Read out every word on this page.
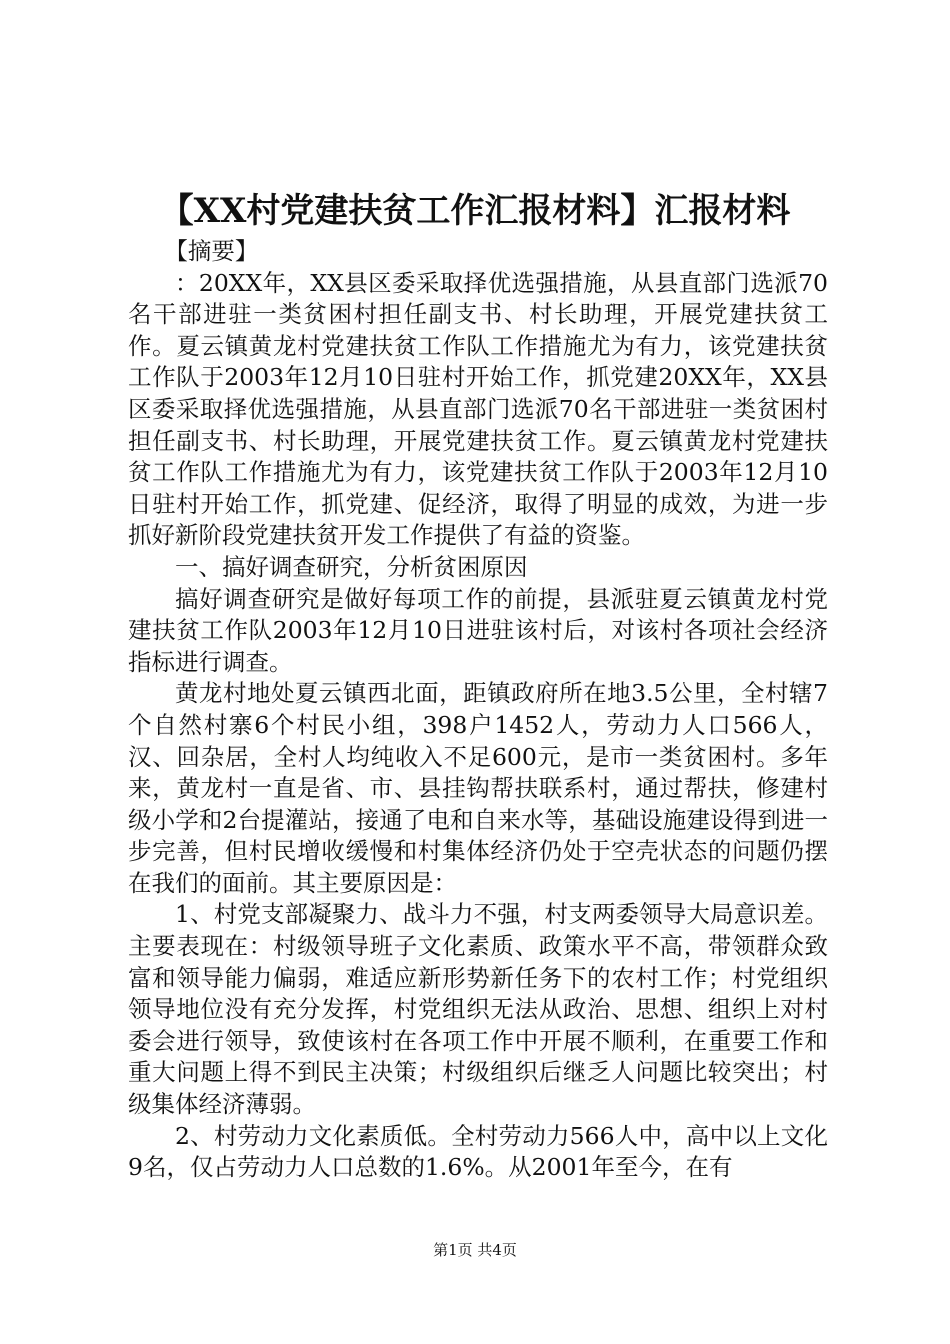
【XX村党建扶贫工作汇报材料】汇报材料

【摘要】

：20XX年，XX县区委采取择优选强措施，从县直部门选派70名干部进驻一类贫困村担任副支书、村长助理，开展党建扶贫工作。夏云镇黄龙村党建扶贫工作队工作措施尤为有力，该党建扶贫工作队于2003年12月10日驻村开始工作，抓党建20XX年，XX县区委采取择优选强措施，从县直部门选派70名干部进驻一类贫困村担任副支书、村长助理，开展党建扶贫工作。夏云镇黄龙村党建扶贫工作队工作措施尤为有力，该党建扶贫工作队于2003年12月10日驻村开始工作，抓党建、促经济，取得了明显的成效，为进一步抓好新阶段党建扶贫开发工作提供了有益的资鉴。

一、搞好调查研究，分析贫困原因

搞好调查研究是做好每项工作的前提，县派驻夏云镇黄龙村党建扶贫工作队2003年12月10日进驻该村后，对该村各项社会经济指标进行调查。

黄龙村地处夏云镇西北面，距镇政府所在地3.5公里，全村辖7个自然村寨6个村民小组，398户1452人，劳动力人口566人，汉、回杂居，全村人均纯收入不足600元，是市一类贫困村。多年来，黄龙村一直是省、市、县挂钩帮扶联系村，通过帮扶，修建村级小学和2台提灌站，接通了电和自来水等，基础设施建设得到进一步完善，但村民增收缓慢和村集体经济仍处于空壳状态的问题仍摆在我们的面前。其主要原因是：

1、村党支部凝聚力、战斗力不强，村支两委领导大局意识差。主要表现在：村级领导班子文化素质、政策水平不高，带领群众致富和领导能力偏弱，难适应新形势新任务下的农村工作；村党组织领导地位没有充分发挥，村党组织无法从政治、思想、组织上对村委会进行领导，致使该村在各项工作中开展不顺利，在重要工作和重大问题上得不到民主决策；村级组织后继乏人问题比较突出；村级集体经济薄弱。

2、村劳动力文化素质低。全村劳动力566人中，高中以上文化9名，仅占劳动力人口总数的1.6%。从2001年至今，在有

第1页 共4页
